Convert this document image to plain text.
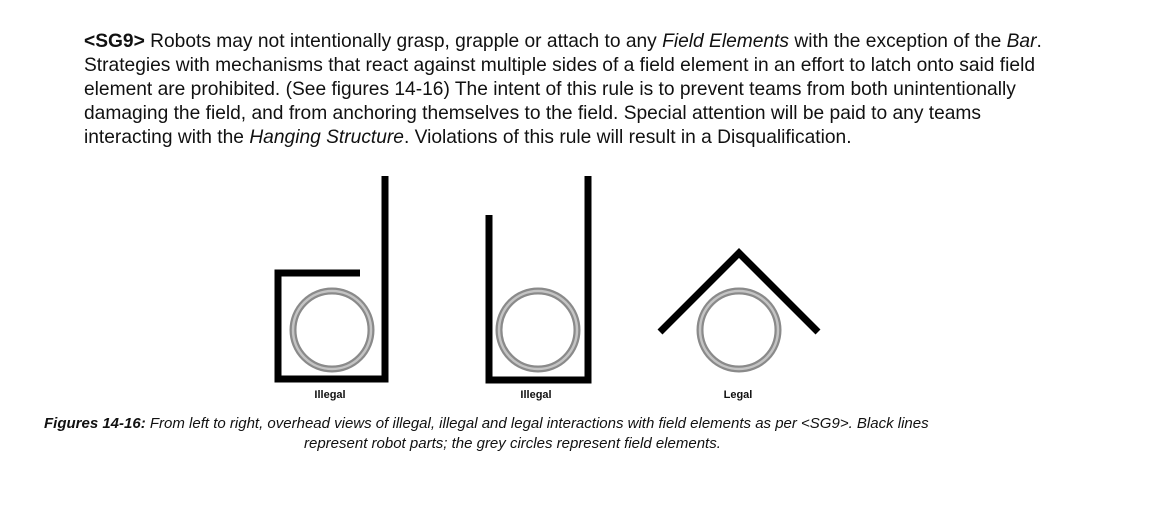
<SG9> Robots may not intentionally grasp, grapple or attach to any Field Elements with the exception of the Bar. Strategies with mechanisms that react against multiple sides of a field element in an effort to latch onto said field element are prohibited. (See figures 14-16) The intent of this rule is to prevent teams from both unintentionally damaging the field, and from anchoring themselves to the field. Special attention will be paid to any teams interacting with the Hanging Structure. Violations of this rule will result in a Disqualification.

Illegal	Illegal	Legal

Figures 14-16: From left to right, overhead views of illegal, illegal and legal interactions with field elements as per <SG9>. Black lines
represent robot parts; the grey circles represent field elements.
